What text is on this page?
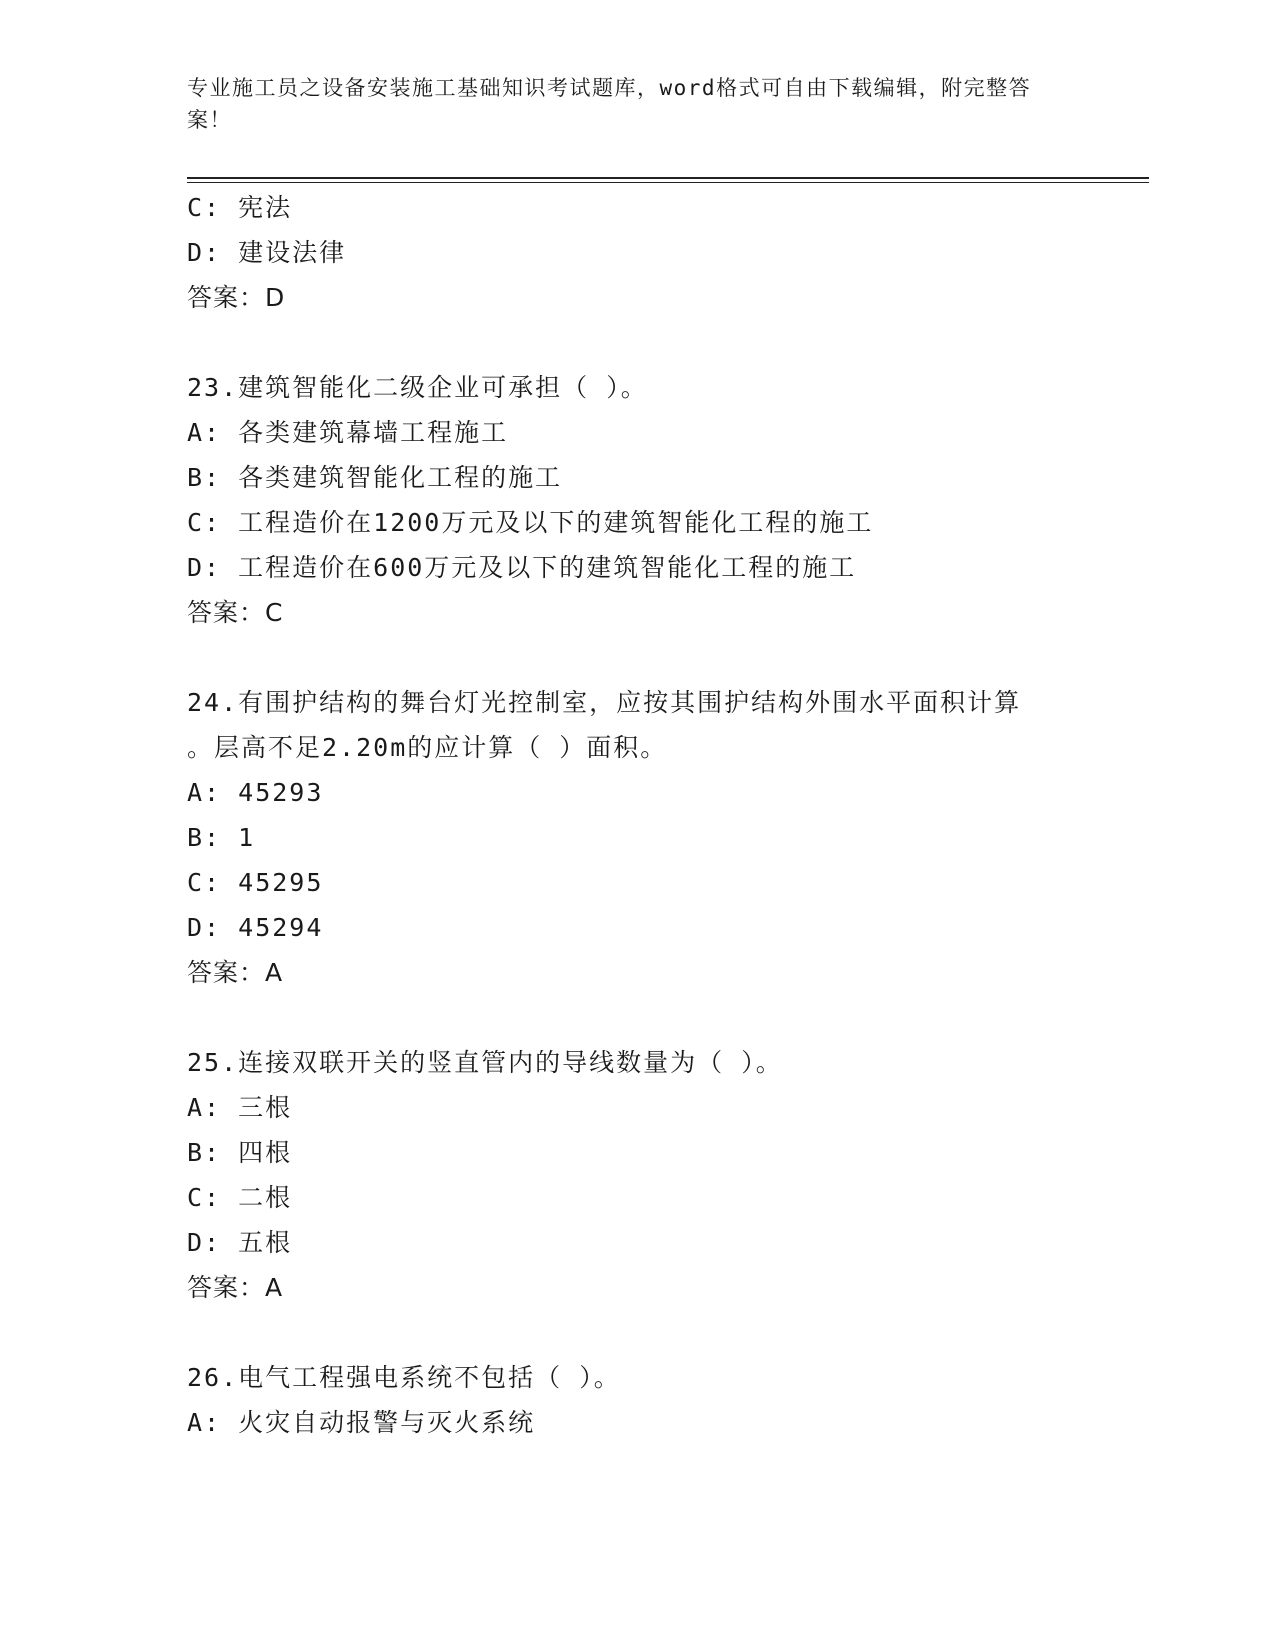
专业施工员之设备安装施工基础知识考试题库，word格式可自由下载编辑，附完整答案！
C: 宪法
D: 建设法律
答案：D
23.建筑智能化二级企业可承担（ ）。
A: 各类建筑幕墙工程施工
B: 各类建筑智能化工程的施工
C: 工程造价在1200万元及以下的建筑智能化工程的施工
D: 工程造价在600万元及以下的建筑智能化工程的施工
答案：C
24.有围护结构的舞台灯光控制室，应按其围护结构外围水平面积计算
。层高不足2.20m的应计算（ ）面积。
A: 45293
B: 1
C: 45295
D: 45294
答案：A
25.连接双联开关的竖直管内的导线数量为（ ）。
A: 三根
B: 四根
C: 二根
D: 五根
答案：A
26.电气工程强电系统不包括（ ）。
A: 火灾自动报警与灭火系统
